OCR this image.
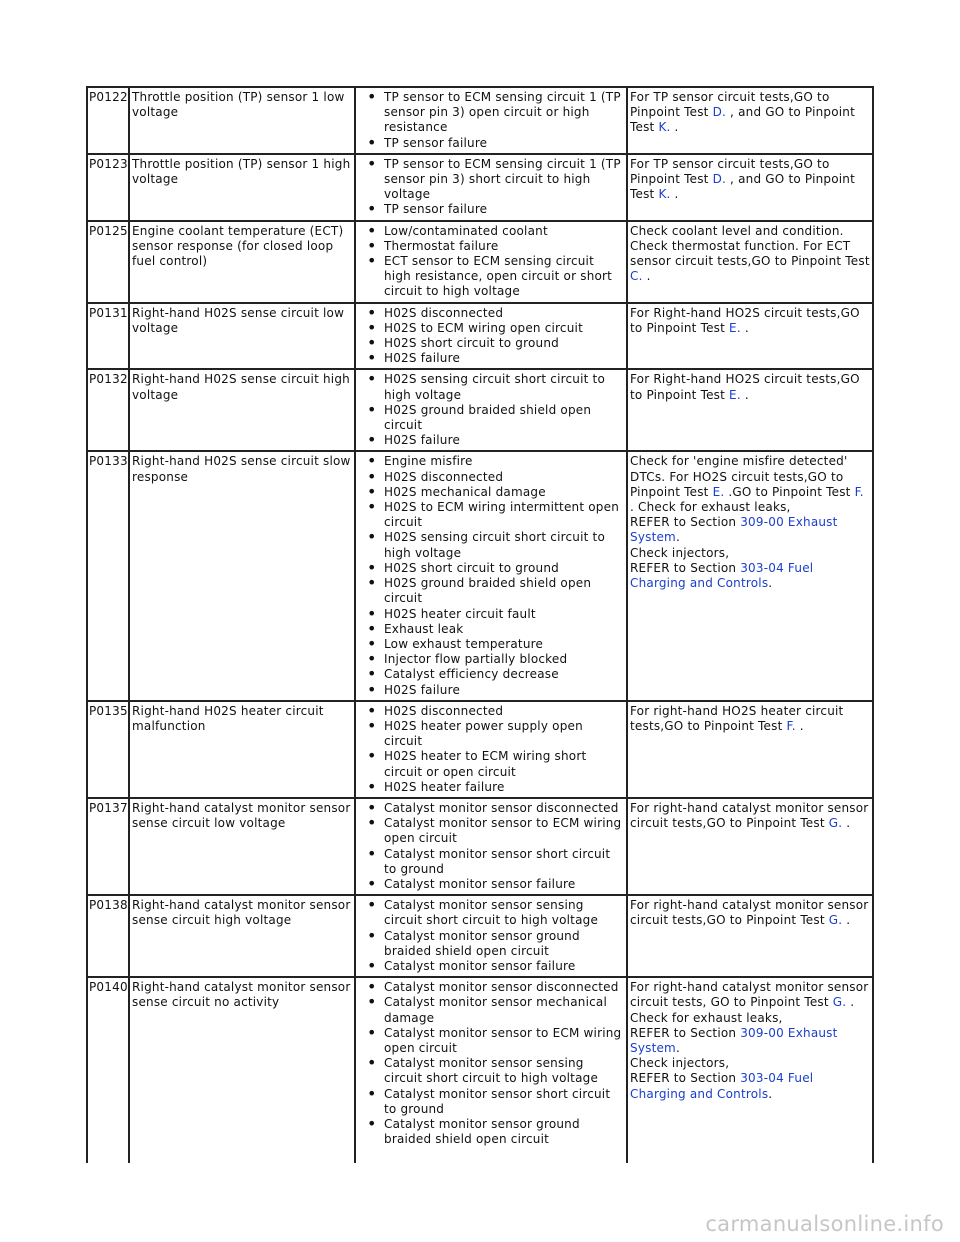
P0122 Throttle position (TP) sensor 1 low voltage
• TP sensor to ECM sensing circuit 1 (TP sensor pin 3) open circuit or high resistance
• TP sensor failure
For TP sensor circuit tests,GO to Pinpoint Test D. , and GO to Pinpoint Test K. .
P0123 Throttle position (TP) sensor 1 high voltage
• TP sensor to ECM sensing circuit 1 (TP sensor pin 3) short circuit to high voltage
• TP sensor failure
For TP sensor circuit tests,GO to Pinpoint Test D. , and GO to Pinpoint Test K. .
P0125 Engine coolant temperature (ECT) sensor response (for closed loop fuel control)
• Low/contaminated coolant
• Thermostat failure
• ECT sensor to ECM sensing circuit high resistance, open circuit or short circuit to high voltage
Check coolant level and condition.
Check thermostat function. For ECT sensor circuit tests,GO to Pinpoint Test C. .
P0131 Right-hand H02S sense circuit low voltage
• H02S disconnected
• H02S to ECM wiring open circuit
• H02S short circuit to ground
• H02S failure
For Right-hand HO2S circuit tests,GO to Pinpoint Test E. .
P0132 Right-hand H02S sense circuit high voltage
• H02S sensing circuit short circuit to high voltage
• H02S ground braided shield open circuit
• H02S failure
For Right-hand HO2S circuit tests,GO to Pinpoint Test E. .
P0133 Right-hand H02S sense circuit slow response
• Engine misfire
• H02S disconnected
• H02S mechanical damage
• H02S to ECM wiring intermittent open circuit
• H02S sensing circuit short circuit to high voltage
• H02S short circuit to ground
• H02S ground braided shield open circuit
• H02S heater circuit fault
• Exhaust leak
• Low exhaust temperature
• Injector flow partially blocked
• Catalyst efficiency decrease
• H02S failure
Check for 'engine misfire detected' DTCs. For HO2S circuit tests,GO to Pinpoint Test E. .GO to Pinpoint Test F. . Check for exhaust leaks,
REFER to Section 309-00 Exhaust System.
Check injectors,
REFER to Section 303-04 Fuel Charging and Controls.
P0135 Right-hand H02S heater circuit malfunction
• H02S disconnected
• H02S heater power supply open circuit
• H02S heater to ECM wiring short circuit or open circuit
• H02S heater failure
For right-hand HO2S heater circuit tests,GO to Pinpoint Test F. .
P0137 Right-hand catalyst monitor sensor sense circuit low voltage
• Catalyst monitor sensor disconnected
• Catalyst monitor sensor to ECM wiring open circuit
• Catalyst monitor sensor short circuit to ground
• Catalyst monitor sensor failure
For right-hand catalyst monitor sensor circuit tests,GO to Pinpoint Test G. .
P0138 Right-hand catalyst monitor sensor sense circuit high voltage
• Catalyst monitor sensor sensing circuit short circuit to high voltage
• Catalyst monitor sensor ground braided shield open circuit
• Catalyst monitor sensor failure
For right-hand catalyst monitor sensor circuit tests,GO to Pinpoint Test G. .
P0140 Right-hand catalyst monitor sensor sense circuit no activity
• Catalyst monitor sensor disconnected
• Catalyst monitor sensor mechanical damage
• Catalyst monitor sensor to ECM wiring open circuit
• Catalyst monitor sensor sensing circuit short circuit to high voltage
• Catalyst monitor sensor short circuit to ground
• Catalyst monitor sensor ground braided shield open circuit
For right-hand catalyst monitor sensor circuit tests, GO to Pinpoint Test G. .
Check for exhaust leaks,
REFER to Section 309-00 Exhaust System.
Check injectors,
REFER to Section 303-04 Fuel Charging and Controls.
carmanualsonline.info
